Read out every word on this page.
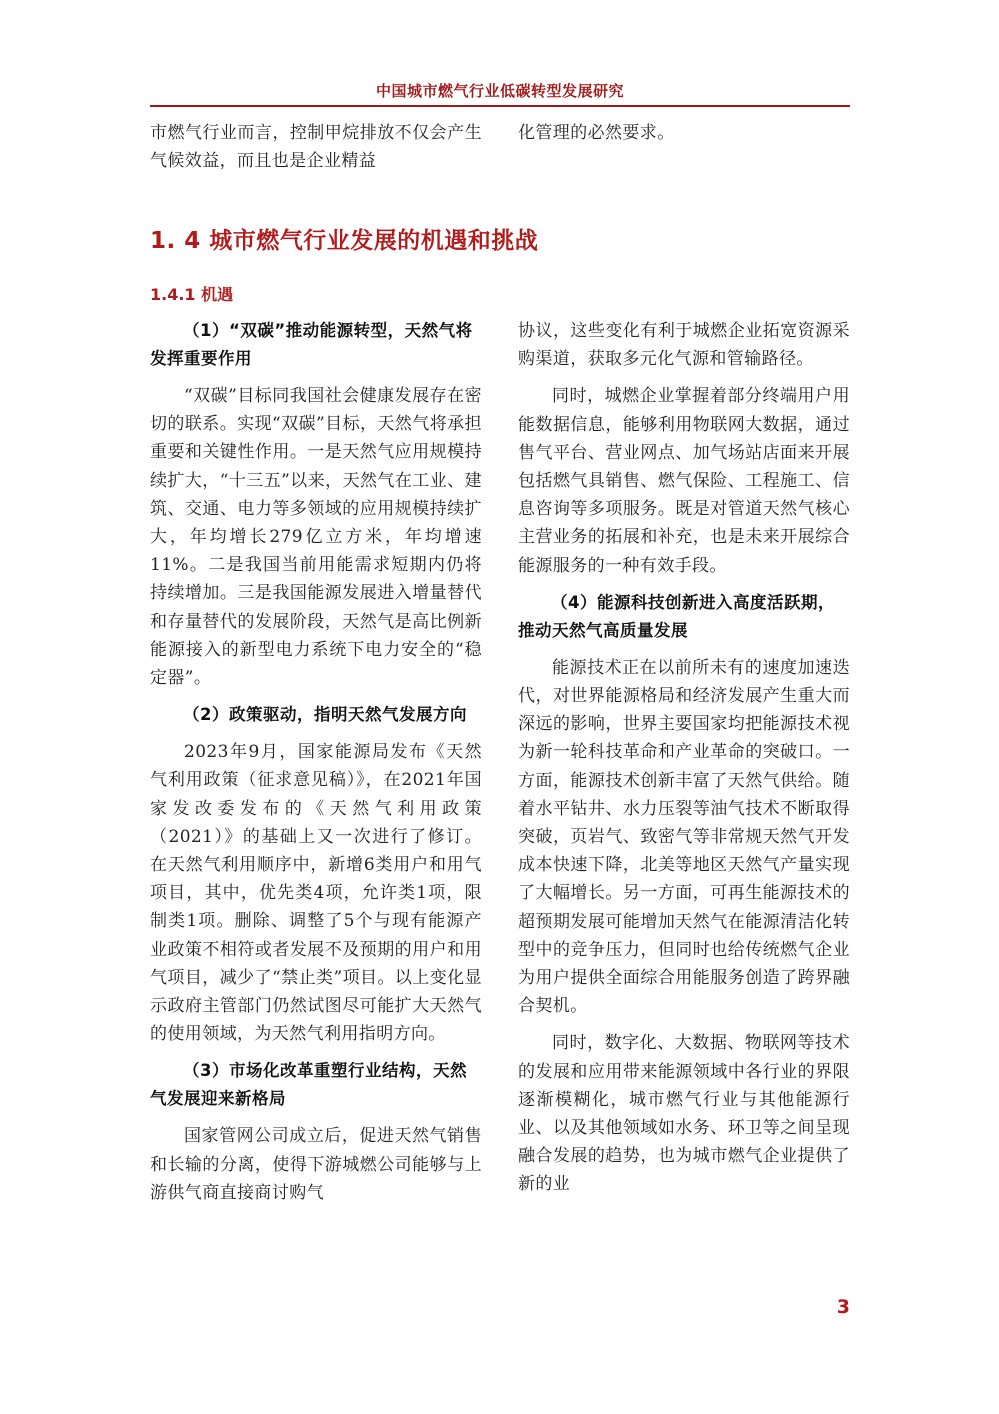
中国城市燃气行业低碳转型发展研究

市燃气行业而言，控制甲烷排放不仅会产生气候效益，而且也是企业精益

化管理的必然要求。

1. 4 城市燃气行业发展的机遇和挑战
1.4.1 机遇
（1）“双碳”推动能源转型，天然气将发挥重要作用

“双碳”目标同我国社会健康发展存在密切的联系。实现“双碳”目标，天然气将承担重要和关键性作用。一是天然气应用规模持续扩大，“十三五”以来，天然气在工业、建筑、交通、电力等多领域的应用规模持续扩大，年均增长279亿立方米，年均增速11%。二是我国当前用能需求短期内仍将持续增加。三是我国能源发展进入增量替代和存量替代的发展阶段，天然气是高比例新能源接入的新型电力系统下电力安全的“稳定器”。

（2）政策驱动，指明天然气发展方向

2023年9月，国家能源局发布《天然气利用政策（征求意见稿）》，在2021年国家发改委发布的《天然气利用政策（2021）》的基础上又一次进行了修订。在天然气利用顺序中，新增6类用户和用气项目，其中，优先类4项，允许类1项，限制类1项。删除、调整了5个与现有能源产业政策不相符或者发展不及预期的用户和用气项目，减少了“禁止类”项目。以上变化显示政府主管部门仍然试图尽可能扩大天然气的使用领域，为天然气利用指明方向。

（3）市场化改革重塑行业结构，天然气发展迎来新格局

国家管网公司成立后，促进天然气销售和长输的分离，使得下游城燃公司能够与上游供气商直接商讨购气

协议，这些变化有利于城燃企业拓宽资源采购渠道，获取多元化气源和管输路径。

同时，城燃企业掌握着部分终端用户用能数据信息，能够利用物联网大数据，通过售气平台、营业网点、加气场站店面来开展包括燃气具销售、燃气保险、工程施工、信息咨询等多项服务。既是对管道天然气核心主营业务的拓展和补充，也是未来开展综合能源服务的一种有效手段。

（4）能源科技创新进入高度活跃期，推动天然气高质量发展

能源技术正在以前所未有的速度加速迭代，对世界能源格局和经济发展产生重大而深远的影响，世界主要国家均把能源技术视为新一轮科技革命和产业革命的突破口。一方面，能源技术创新丰富了天然气供给。随着水平钻井、水力压裂等油气技术不断取得突破，页岩气、致密气等非常规天然气开发成本快速下降，北美等地区天然气产量实现了大幅增长。另一方面，可再生能源技术的超预期发展可能增加天然气在能源清洁化转型中的竞争压力，但同时也给传统燃气企业为用户提供全面综合用能服务创造了跨界融合契机。

同时，数字化、大数据、物联网等技术的发展和应用带来能源领域中各行业的界限逐渐模糊化，城市燃气行业与其他能源行业、以及其他领域如水务、环卫等之间呈现融合发展的趋势，也为城市燃气企业提供了新的业

3
